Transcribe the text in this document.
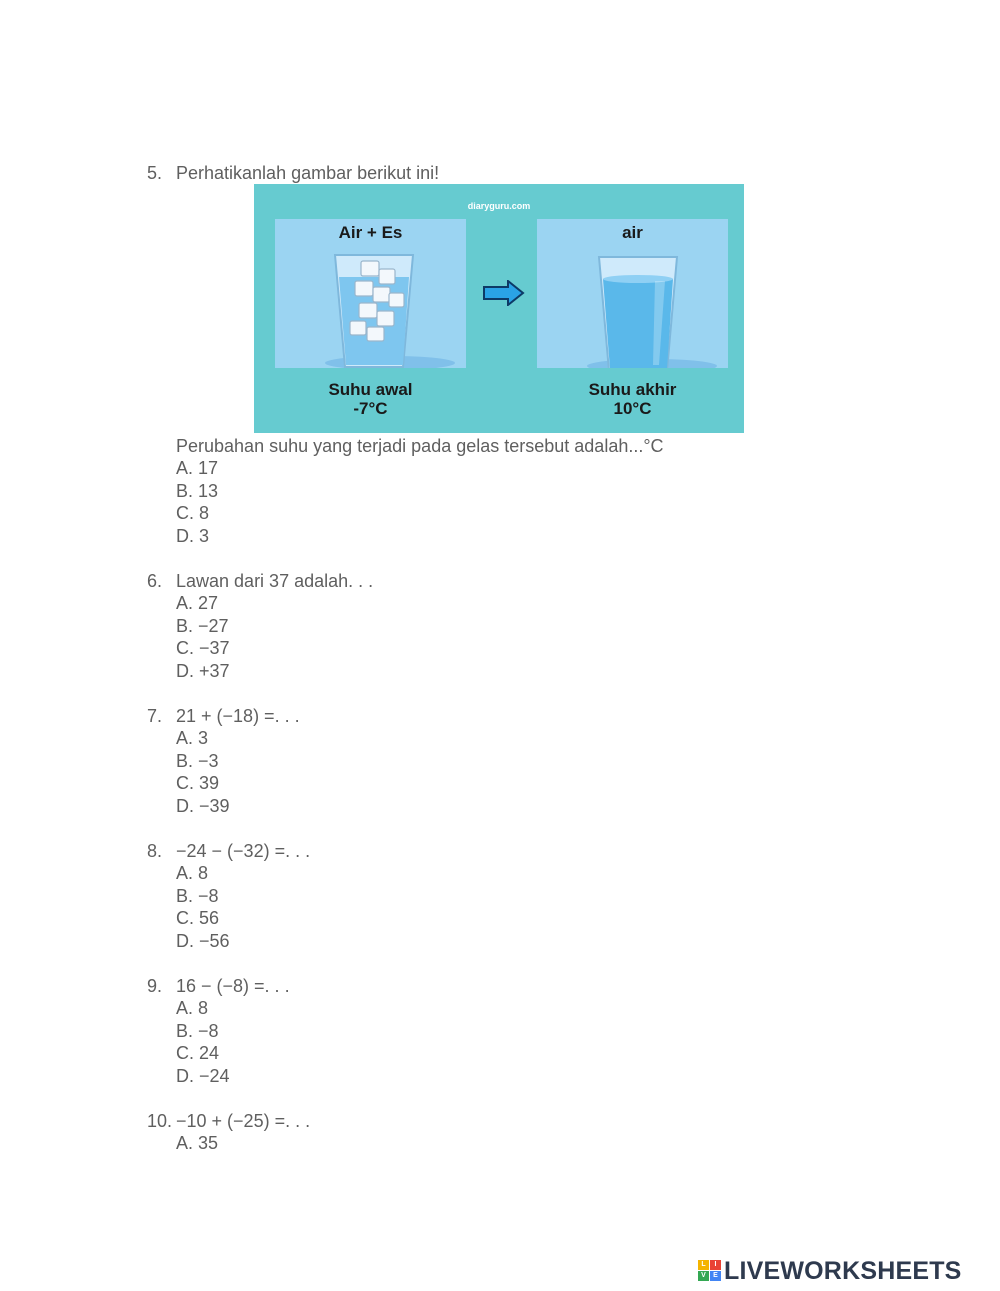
5. Perhatikanlah gambar berikut ini!
diaryguru.com
Air + Es	air
Suhu awal
-7°C
Suhu akhir
10°C
Perubahan suhu yang terjadi pada gelas tersebut adalah...°C
A. 17
B. 13
C. 8
D. 3
6. Lawan dari 37 adalah. . .
A. 27
B. −27
C. −37
D. +37
7. 21 + (−18) =. . .
A. 3
B. −3
C. 39
D. −39
8. −24 − (−32) =. . .
A. 8
B. −8
C. 56
D. −56
9. 16 − (−8) =. . .
A. 8
B. −8
C. 24
D. −24
10. −10 + (−25) =. . .
A. 35
L	I
V	E LIVEWORKSHEETS
